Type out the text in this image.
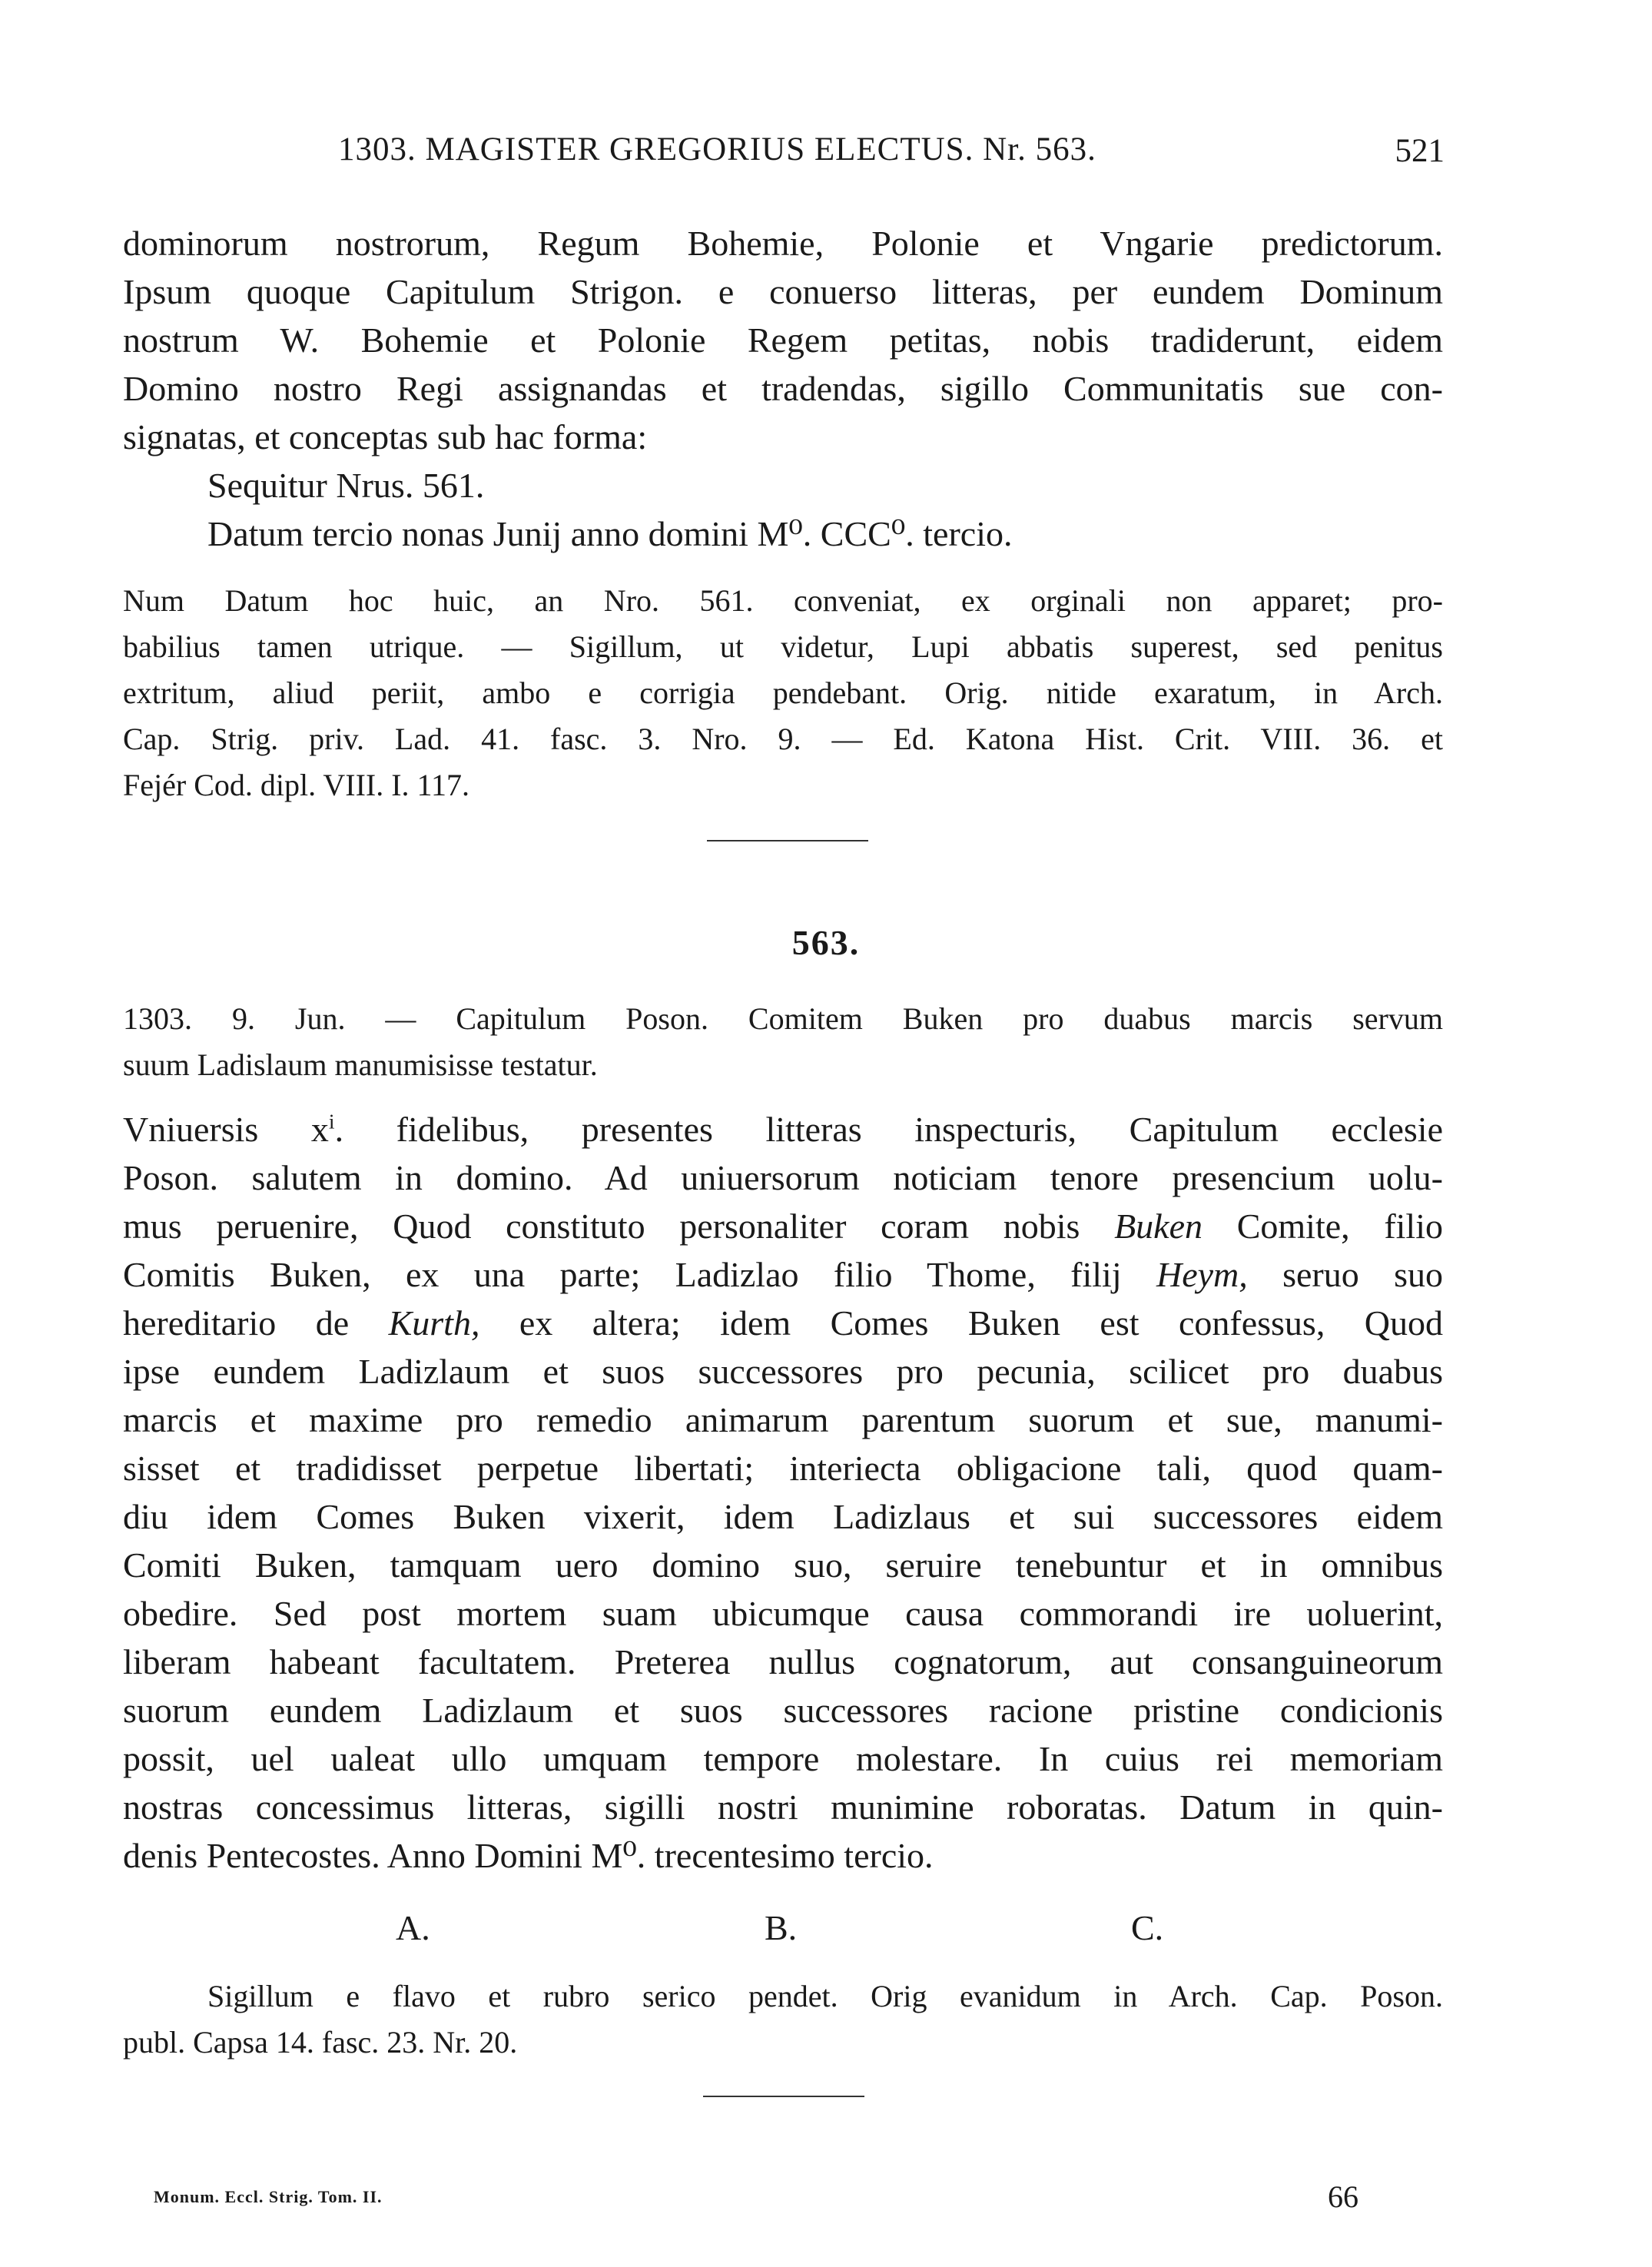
1303. MAGISTER GREGORIUS ELECTUS. Nr. 563.	521
dominorum nostrorum, Regum Bohemie, Polonie et Vngarie predictorum.
Ipsum quoque Capitulum Strigon. e conuerso litteras, per eundem Dominum
nostrum W. Bohemie et Polonie Regem petitas, nobis tradiderunt, eidem
Domino nostro Regi assignandas et tradendas, sigillo Communitatis sue con-
signatas, et conceptas sub hac forma:
Sequitur Nrus. 561.
Datum tercio nonas Junij anno domini M⁰. CCC⁰. tercio.
Num Datum hoc huic, an Nro. 561. conveniat, ex orginali non apparet; pro-
babilius tamen utrique. — Sigillum, ut videtur, Lupi abbatis superest, sed penitus
extritum, aliud periit, ambo e corrigia pendebant. Orig. nitide exaratum, in Arch.
Cap. Strig. priv. Lad. 41. fasc. 3. Nro. 9. — Ed. Katona Hist. Crit. VIII. 36. et
Fejér Cod. dipl. VIII. I. 117.
563.
1303. 9. Jun. — Capitulum Poson. Comitem Buken pro duabus marcis servum
suum Ladislaum manumisisse testatur.
Vniuersis $x^i$. fidelibus, presentes litteras inspecturis, Capitulum ecclesie
Poson. salutem in domino. Ad uniuersorum noticiam tenore presencium uolu-
mus peruenire, Quod constituto personaliter coram nobis Buken Comite, filio
Comitis Buken, ex una parte; Ladizlao filio Thome, filij Heym, seruo suo
hereditario de Kurth, ex altera; idem Comes Buken est confessus, Quod
ipse eundem Ladizlaum et suos successores pro pecunia, scilicet pro duabus
marcis et maxime pro remedio animarum parentum suorum et sue, manumi-
sisset et tradidisset perpetue libertati; interiecta obligacione tali, quod quam-
diu idem Comes Buken vixerit, idem Ladizlaus et sui successores eidem
Comiti Buken, tamquam uero domino suo, seruire tenebuntur et in omnibus
obedire. Sed post mortem suam ubicumque causa commorandi ire uoluerint,
liberam habeant facultatem. Preterea nullus cognatorum, aut consanguineorum
suorum eundem Ladizlaum et suos successores racione pristine condicionis
possit, uel ualeat ullo umquam tempore molestare. In cuius rei memoriam
nostras concessimus litteras, sigilli nostri munimine roboratas. Datum in quin-
denis Pentecostes. Anno Domini M⁰. trecentesimo tercio.
A.	B.	C.
Sigillum e flavo et rubro serico pendet. Orig evanidum in Arch. Cap. Poson.
publ. Capsa 14. fasc. 23. Nr. 20.
Monum. Eccl. Strig. Tom. II.	66
